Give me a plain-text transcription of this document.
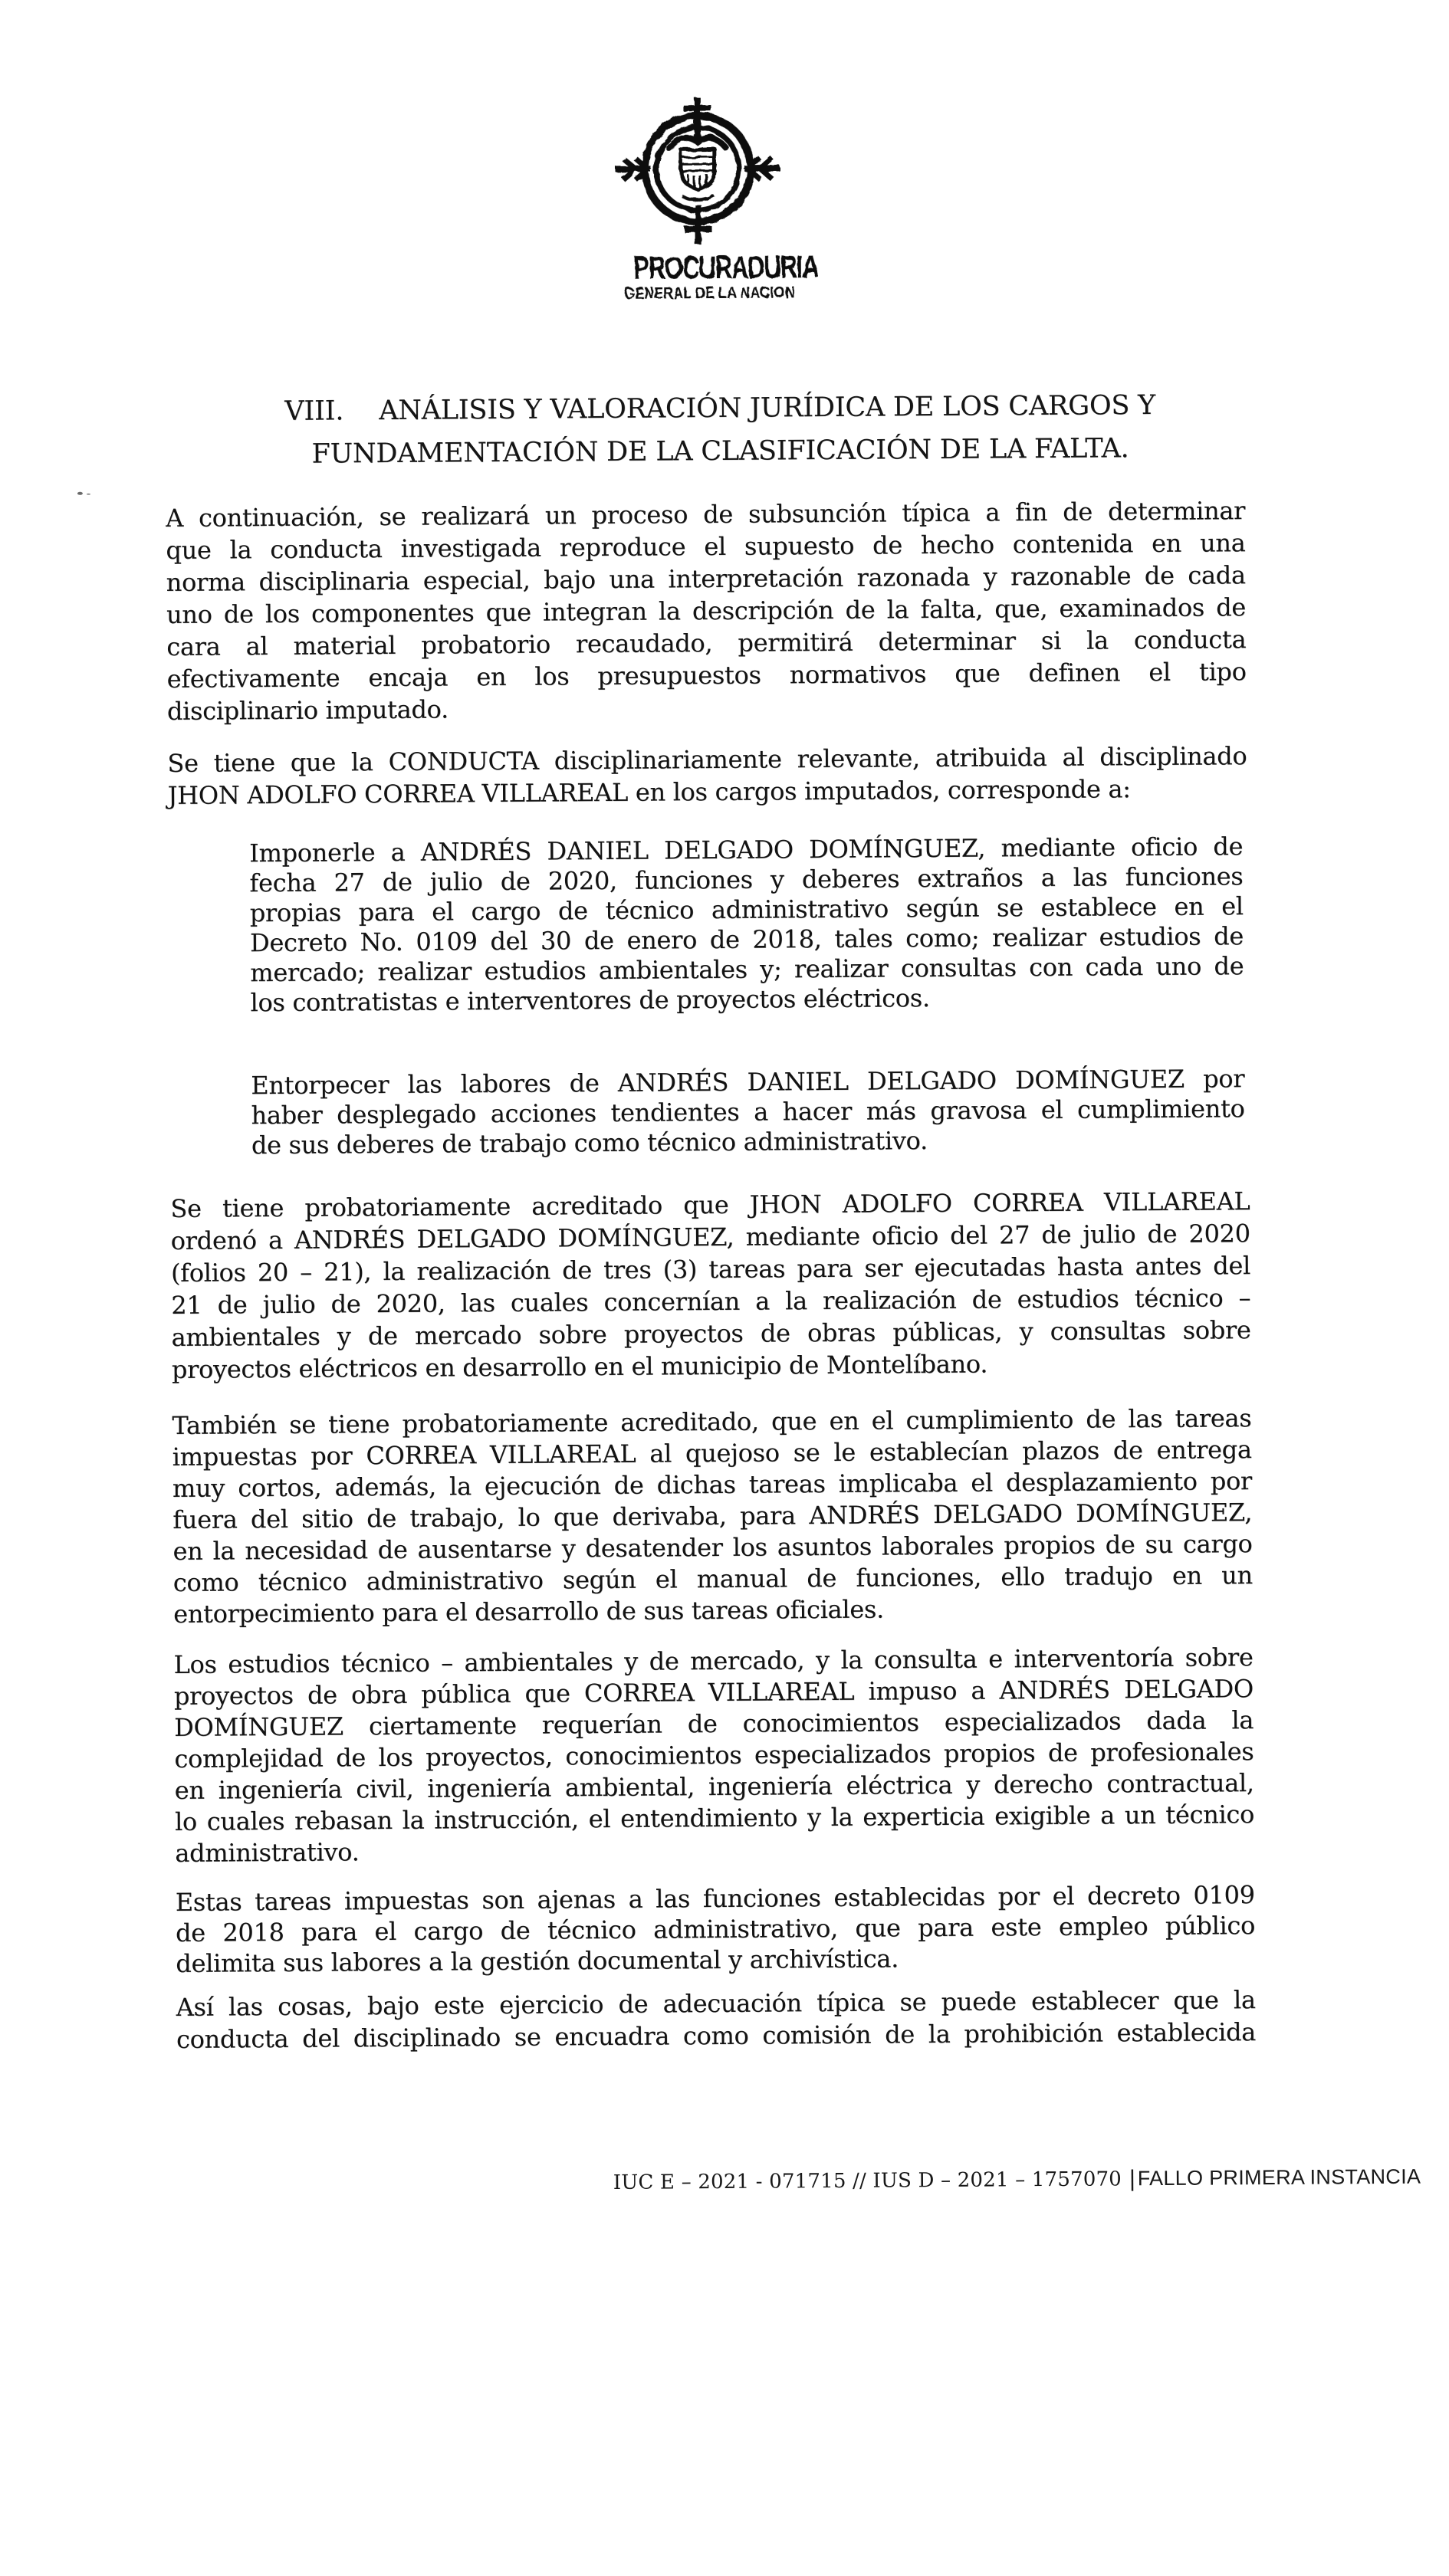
PROCURADURIA
GENERAL DE LA NACION
VIII. ANÁLISIS Y VALORACIÓN JURÍDICA DE LOS CARGOS Y
FUNDAMENTACIÓN DE LA CLASIFICACIÓN DE LA FALTA.
A continuación, se realizará un proceso de subsunción típica a fin de determinar
que la conducta investigada reproduce el supuesto de hecho contenida en una
norma disciplinaria especial, bajo una interpretación razonada y razonable de cada
uno de los componentes que integran la descripción de la falta, que, examinados de
cara al material probatorio recaudado, permitirá determinar si la conducta
efectivamente encaja en los presupuestos normativos que definen el tipo
disciplinario imputado.
Se tiene que la CONDUCTA disciplinariamente relevante, atribuida al disciplinado
JHON ADOLFO CORREA VILLAREAL en los cargos imputados, corresponde a:
Imponerle a ANDRÉS DANIEL DELGADO DOMÍNGUEZ, mediante oficio de
fecha 27 de julio de 2020, funciones y deberes extraños a las funciones
propias para el cargo de técnico administrativo según se establece en el
Decreto No. 0109 del 30 de enero de 2018, tales como; realizar estudios de
mercado; realizar estudios ambientales y; realizar consultas con cada uno de
los contratistas e interventores de proyectos eléctricos.
Entorpecer las labores de ANDRÉS DANIEL DELGADO DOMÍNGUEZ por
haber desplegado acciones tendientes a hacer más gravosa el cumplimiento
de sus deberes de trabajo como técnico administrativo.
Se tiene probatoriamente acreditado que JHON ADOLFO CORREA VILLAREAL
ordenó a ANDRÉS DELGADO DOMÍNGUEZ, mediante oficio del 27 de julio de 2020
(folios 20 – 21), la realización de tres (3) tareas para ser ejecutadas hasta antes del
21 de julio de 2020, las cuales concernían a la realización de estudios técnico –
ambientales y de mercado sobre proyectos de obras públicas, y consultas sobre
proyectos eléctricos en desarrollo en el municipio de Montelíbano.
También se tiene probatoriamente acreditado, que en el cumplimiento de las tareas
impuestas por CORREA VILLAREAL al quejoso se le establecían plazos de entrega
muy cortos, además, la ejecución de dichas tareas implicaba el desplazamiento por
fuera del sitio de trabajo, lo que derivaba, para ANDRÉS DELGADO DOMÍNGUEZ,
en la necesidad de ausentarse y desatender los asuntos laborales propios de su cargo
como técnico administrativo según el manual de funciones, ello tradujo en un
entorpecimiento para el desarrollo de sus tareas oficiales.
Los estudios técnico – ambientales y de mercado, y la consulta e interventoría sobre
proyectos de obra pública que CORREA VILLAREAL impuso a ANDRÉS DELGADO
DOMÍNGUEZ ciertamente requerían de conocimientos especializados dada la
complejidad de los proyectos, conocimientos especializados propios de profesionales
en ingeniería civil, ingeniería ambiental, ingeniería eléctrica y derecho contractual,
lo cuales rebasan la instrucción, el entendimiento y la experticia exigible a un técnico
administrativo.
Estas tareas impuestas son ajenas a las funciones establecidas por el decreto 0109
de 2018 para el cargo de técnico administrativo, que para este empleo público
delimita sus labores a la gestión documental y archivística.
Así las cosas, bajo este ejercicio de adecuación típica se puede establecer que la
conducta del disciplinado se encuadra como comisión de la prohibición establecida
IUC E – 2021 - 071715 // IUS D – 2021 – 1757070 | FALLO PRIMERA INSTANCIA
